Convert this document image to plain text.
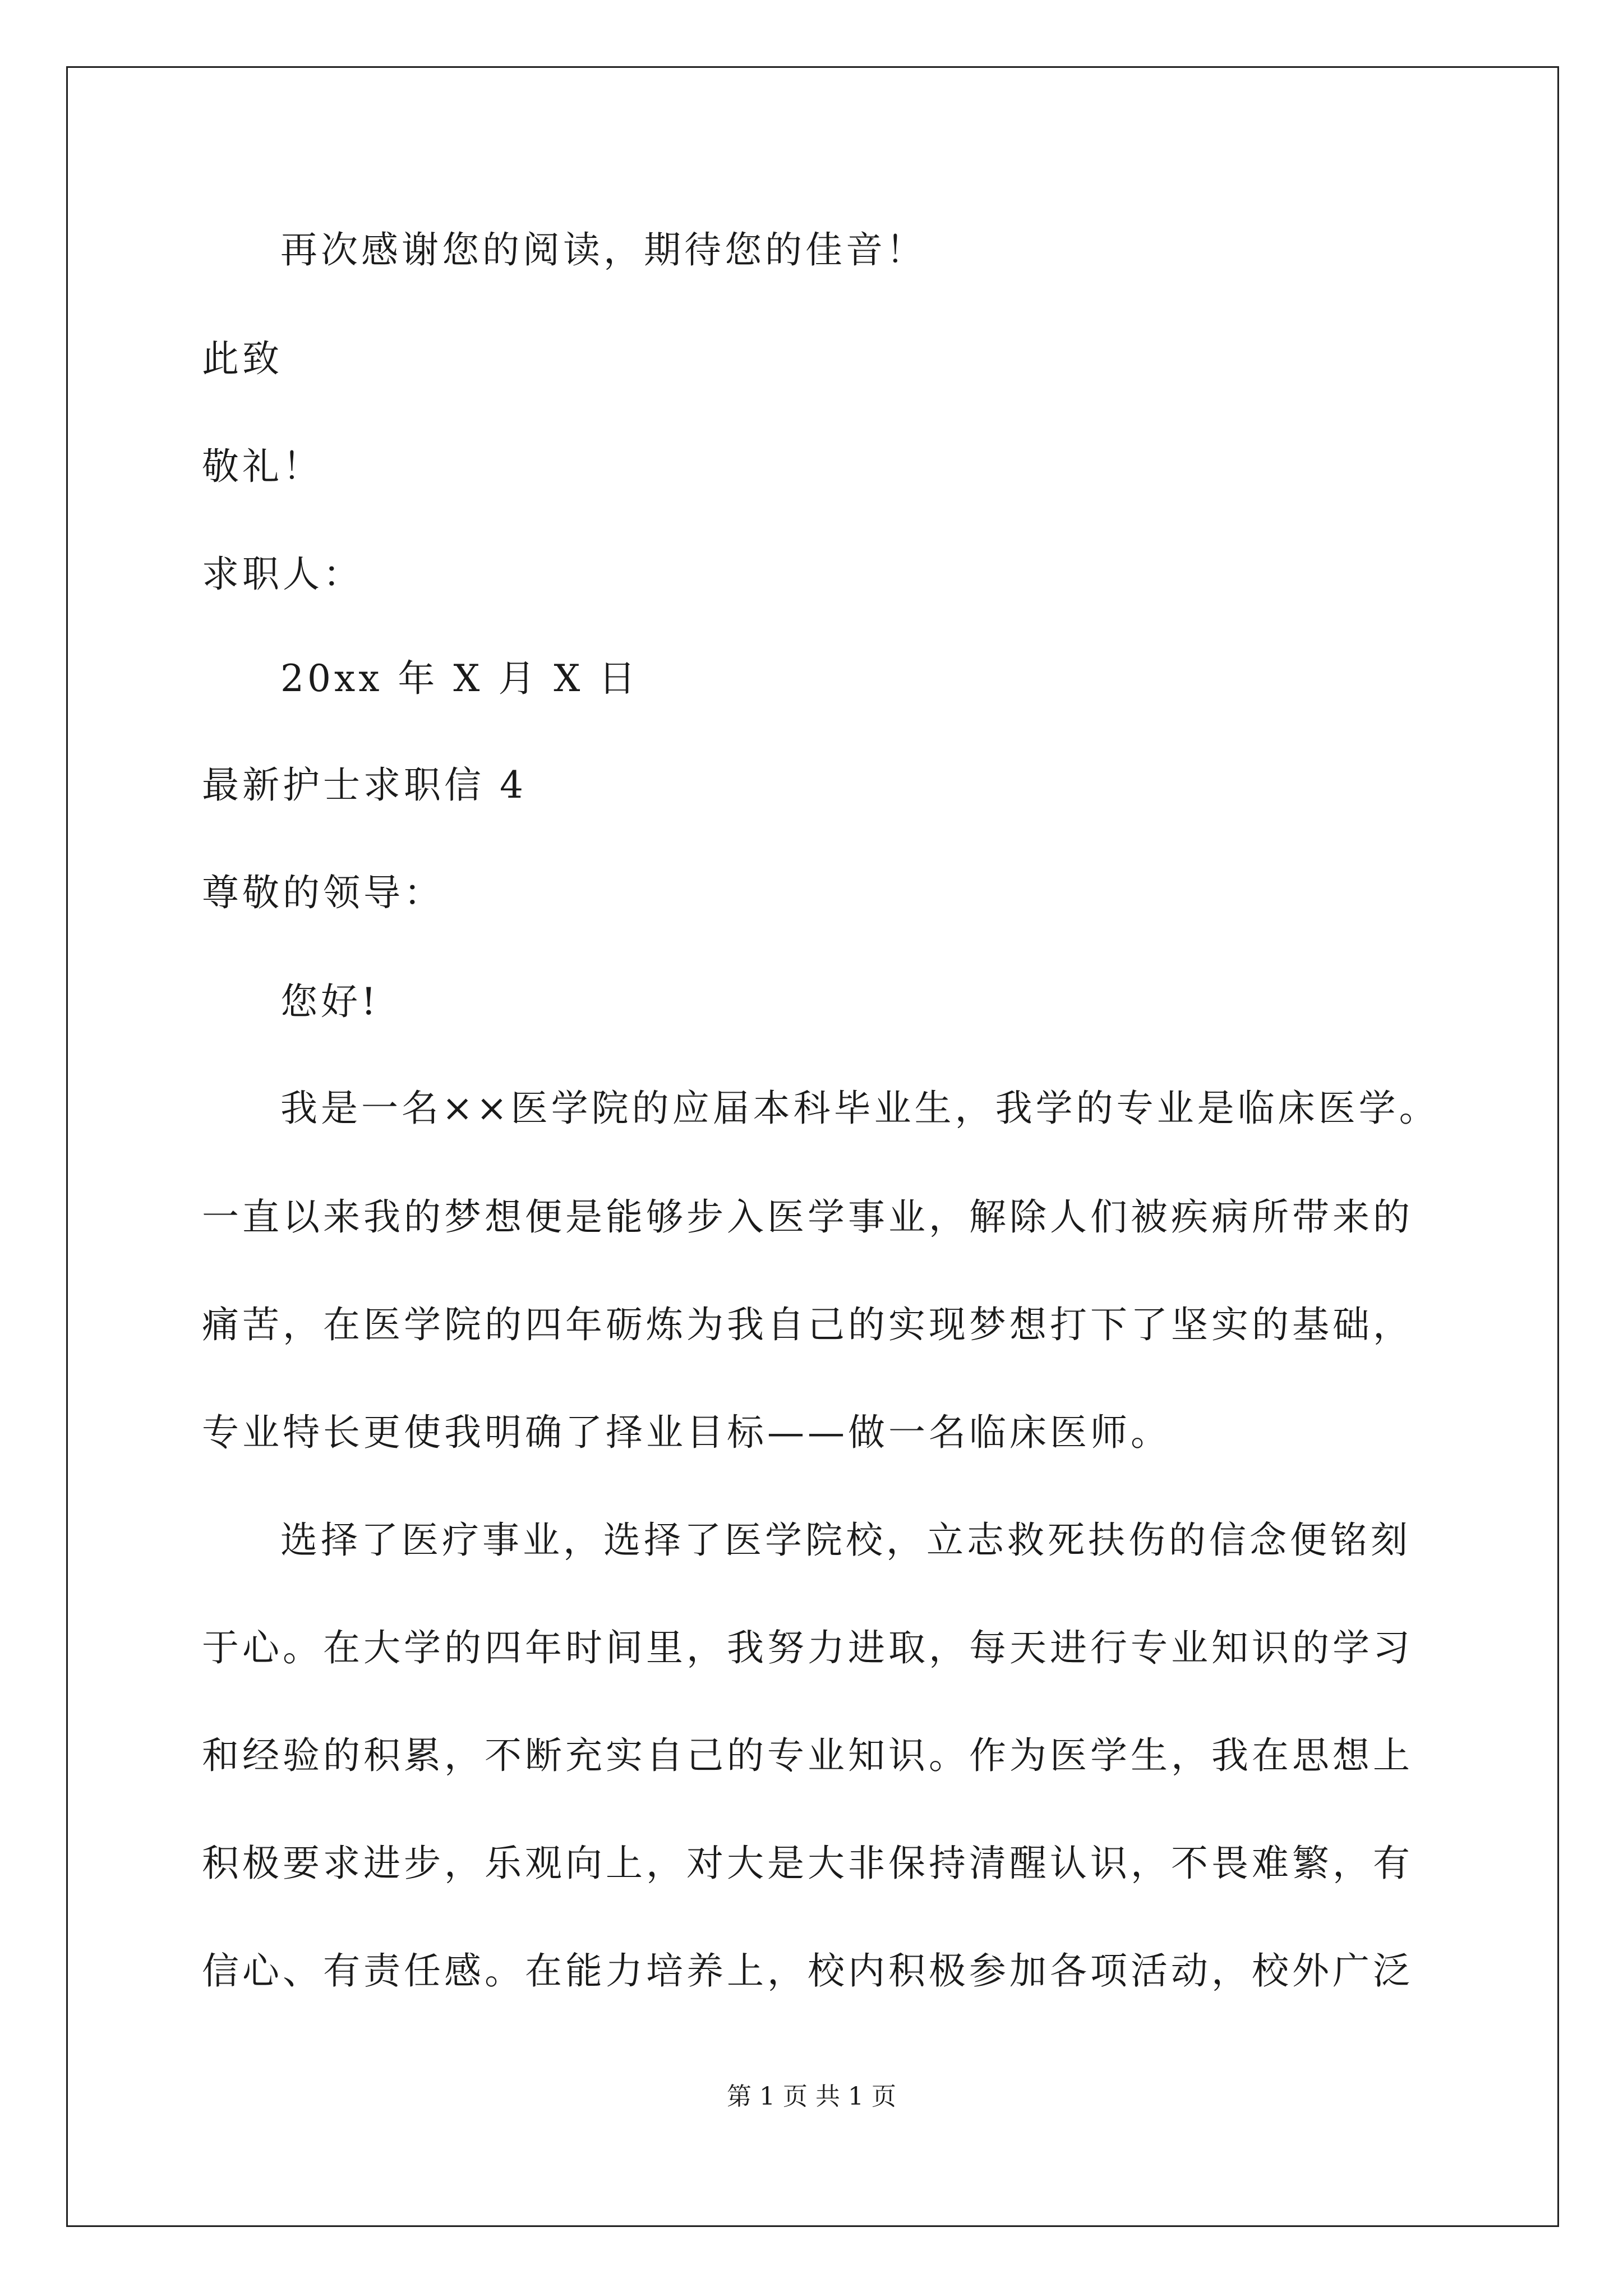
再次感谢您的阅读，期待您的佳音！
此致
敬礼！
求职人：
20xx 年 X 月 X 日
最新护士求职信 4
尊敬的领导：
您好!
我是一名××医学院的应届本科毕业生，我学的专业是临床医学。
一直以来我的梦想便是能够步入医学事业，解除人们被疾病所带来的
痛苦，在医学院的四年砺炼为我自己的实现梦想打下了坚实的基础，
专业特长更使我明确了择业目标——做一名临床医师。
选择了医疗事业，选择了医学院校，立志救死扶伤的信念便铭刻
于心。在大学的四年时间里，我努力进取，每天进行专业知识的学习
和经验的积累，不断充实自己的专业知识。作为医学生，我在思想上
积极要求进步，乐观向上，对大是大非保持清醒认识，不畏难繁，有
信心、有责任感。在能力培养上，校内积极参加各项活动，校外广泛
第 1 页 共 1 页
